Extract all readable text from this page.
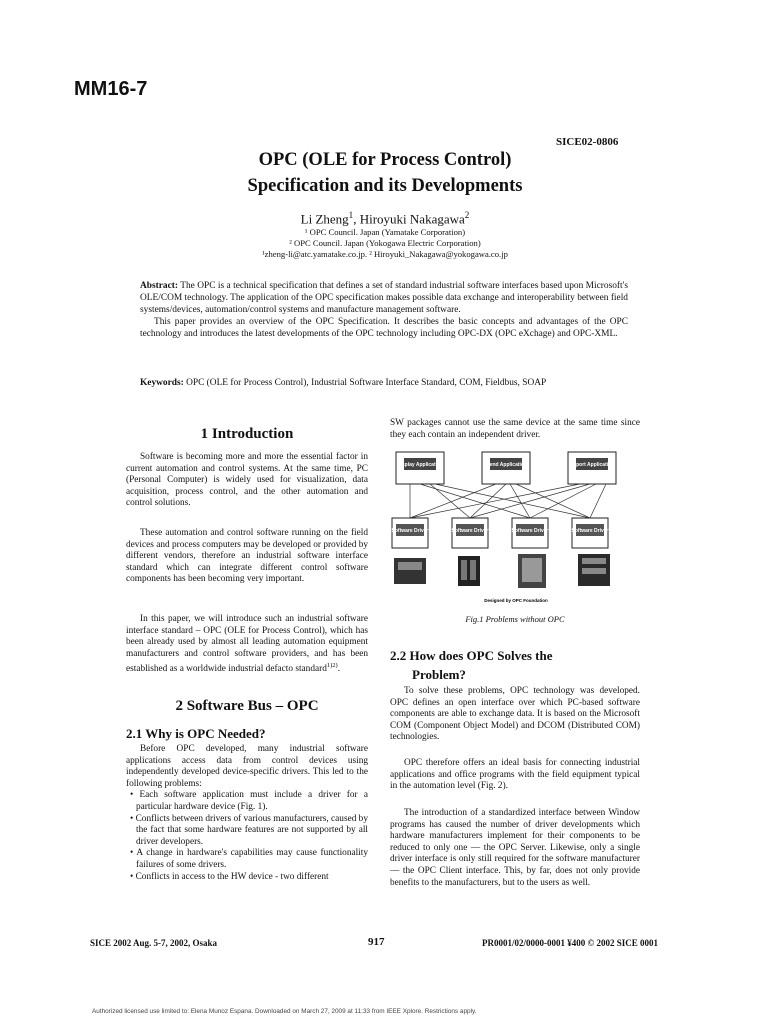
MM16-7
SICE02-0806
OPC (OLE for Process Control)
Specification and its Developments
Li Zheng$^1$, Hiroyuki Nakagawa$^2$
¹ OPC Council. Japan (Yamatake Corporation)
² OPC Council. Japan (Yokogawa Electric Corporation)
¹zheng-li@atc.yamatake.co.jp. ² Hiroyuki_Nakagawa@yokogawa.co.jp

Abstract: The OPC is a technical specification that defines a set of standard industrial software interfaces based upon Microsoft's OLE/COM technology. The application of the OPC specification makes possible data exchange and interoperability between field systems/devices, automation/control systems and manufacture management software.

This paper provides an overview of the OPC Specification. It describes the basic concepts and advantages of the OPC technology and introduces the latest developments of the OPC technology including OPC-DX (OPC eXchage) and OPC-XML.

Keywords: OPC (OLE for Process Control), Industrial Software Interface Standard, COM, Fieldbus, SOAP
1 Introduction

Software is becoming more and more the essential factor in current automation and control systems. At the same time, PC (Personal Computer) is widely used for visualization, data acquisition, process control, and the other automation and control solutions.

These automation and control software running on the field devices and process computers may be developed or provided by different vendors, therefore an industrial software interface standard which can integrate different control software components has been becoming very important.

In this paper, we will introduce such an industrial software interface standard – OPC (OLE for Process Control), which has been already used by almost all leading automation equipment manufacturers and control software providers, and has been established as a worldwide industrial defacto standard$^{1)2)}$.

2 Software Bus – OPC
2.1 Why is OPC Needed?

Before OPC developed, many industrial software applications access data from control devices using independently developed device-specific drivers. This led to the following problems:

• Each software application must include a driver for a particular hardware device (Fig. 1).
• Conflicts between drivers of various manufacturers, caused by the fact that some hardware features are not supported by all driver developers.
• A change in hardware's capabilities may cause functionality failures of some drivers.
• Conflicts in access to the HW device - two different

SW packages cannot use the same device at the same time since they each contain an independent driver.

Display Application	Trend Application	Report Application
Software Driver	Software Driver	Software Driver	Software Driver
Designed by OPC Foundation
Fig.1 Problems without OPC
2.2 How does OPC Solves the
Problem?

To solve these problems, OPC technology was developed. OPC defines an open interface over which PC-based software components are able to exchange data. It is based on the Microsoft COM (Component Object Model) and DCOM (Distributed COM) technologies.

OPC therefore offers an ideal basis for connecting industrial applications and office programs with the field equipment typical in the automation level (Fig. 2).

The introduction of a standardized interface between Window programs has caused the number of driver developments which hardware manufacturers implement for their components to be reduced to only one — the OPC Server. Likewise, only a single driver interface is only still required for the software manufacturer — the OPC Client interface. This, by far, does not only provide benefits to the manufacturers, but to the users as well.

SICE 2002 Aug. 5-7, 2002, Osaka	917	PR0001/02/0000-0001 ¥400 © 2002 SICE 0001
Authorized licensed use limited to: Elena Munoz Espana. Downloaded on March 27, 2009 at 11:33 from IEEE Xplore. Restrictions apply.
